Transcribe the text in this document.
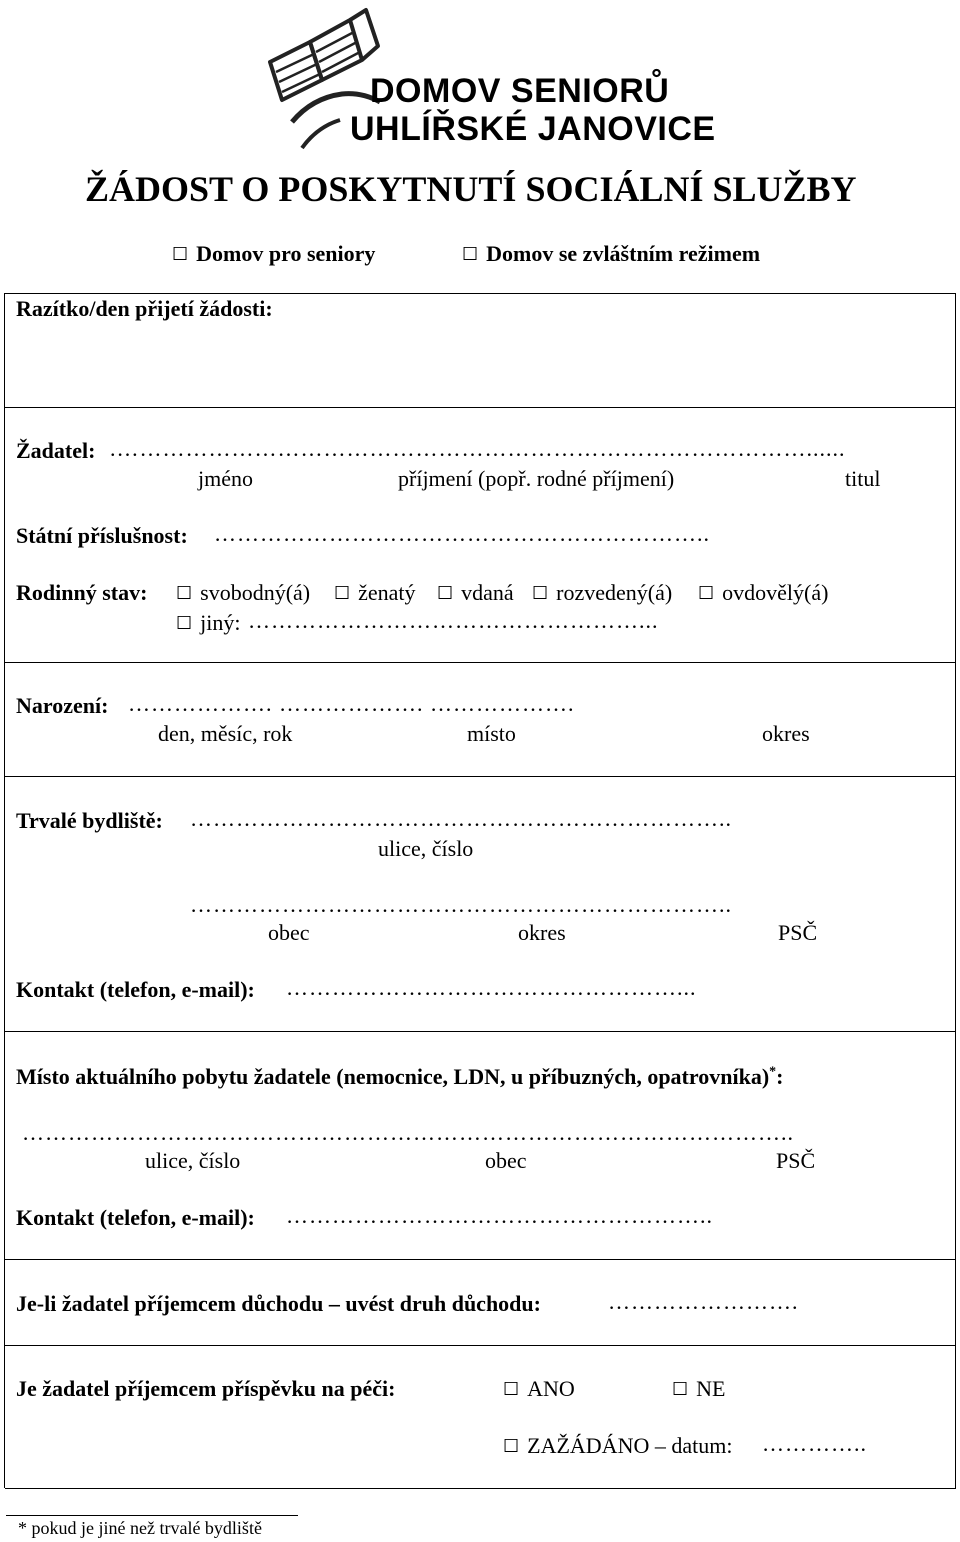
DOMOV SENIORŮ
UHLÍŘSKÉ JANOVICE
ŽÁDOST O POSKYTNUTÍ SOCIÁLNÍ SLUŽBY
☐ Domov pro seniory	☐ Domov se zvláštním režimem
Razítko/den přijetí žádosti:
Žadatel: .………………………………………………………………………………......
jméno	příjmení (popř. rodné příjmení)	titul
Státní příslušnost: ………………………………………………………..
Rodinný stav:	☐ svobodný(á)	☐ ženatý	☐ vdaná	☐ rozvedený(á)	☐ ovdovělý(á)
☐ jiný: ……………………………………………...
Narození: ………………. ………………. ……………….
den, měsíc, rok	místo	okres
Trvalé bydliště: ……………………………………………………………..
ulice, číslo
……………………………………………………………..
obec	okres	PSČ
Kontakt (telefon, e-mail): ……………………………………………...
Místo aktuálního pobytu žadatele (nemocnice, LDN, u příbuzných, opatrovníka)*:
………………………………………………………………………………………..
ulice, číslo	obec	PSČ
Kontakt (telefon, e-mail): ………………………………………………..
Je-li žadatel příjemcem důchodu – uvést druh důchodu:	…………………….
Je žadatel příjemcem příspěvku na péči:	☐ ANO	☐ NE
☐ ZAŽÁDÁNO – datum: …………..
* pokud je jiné než trvalé bydliště
